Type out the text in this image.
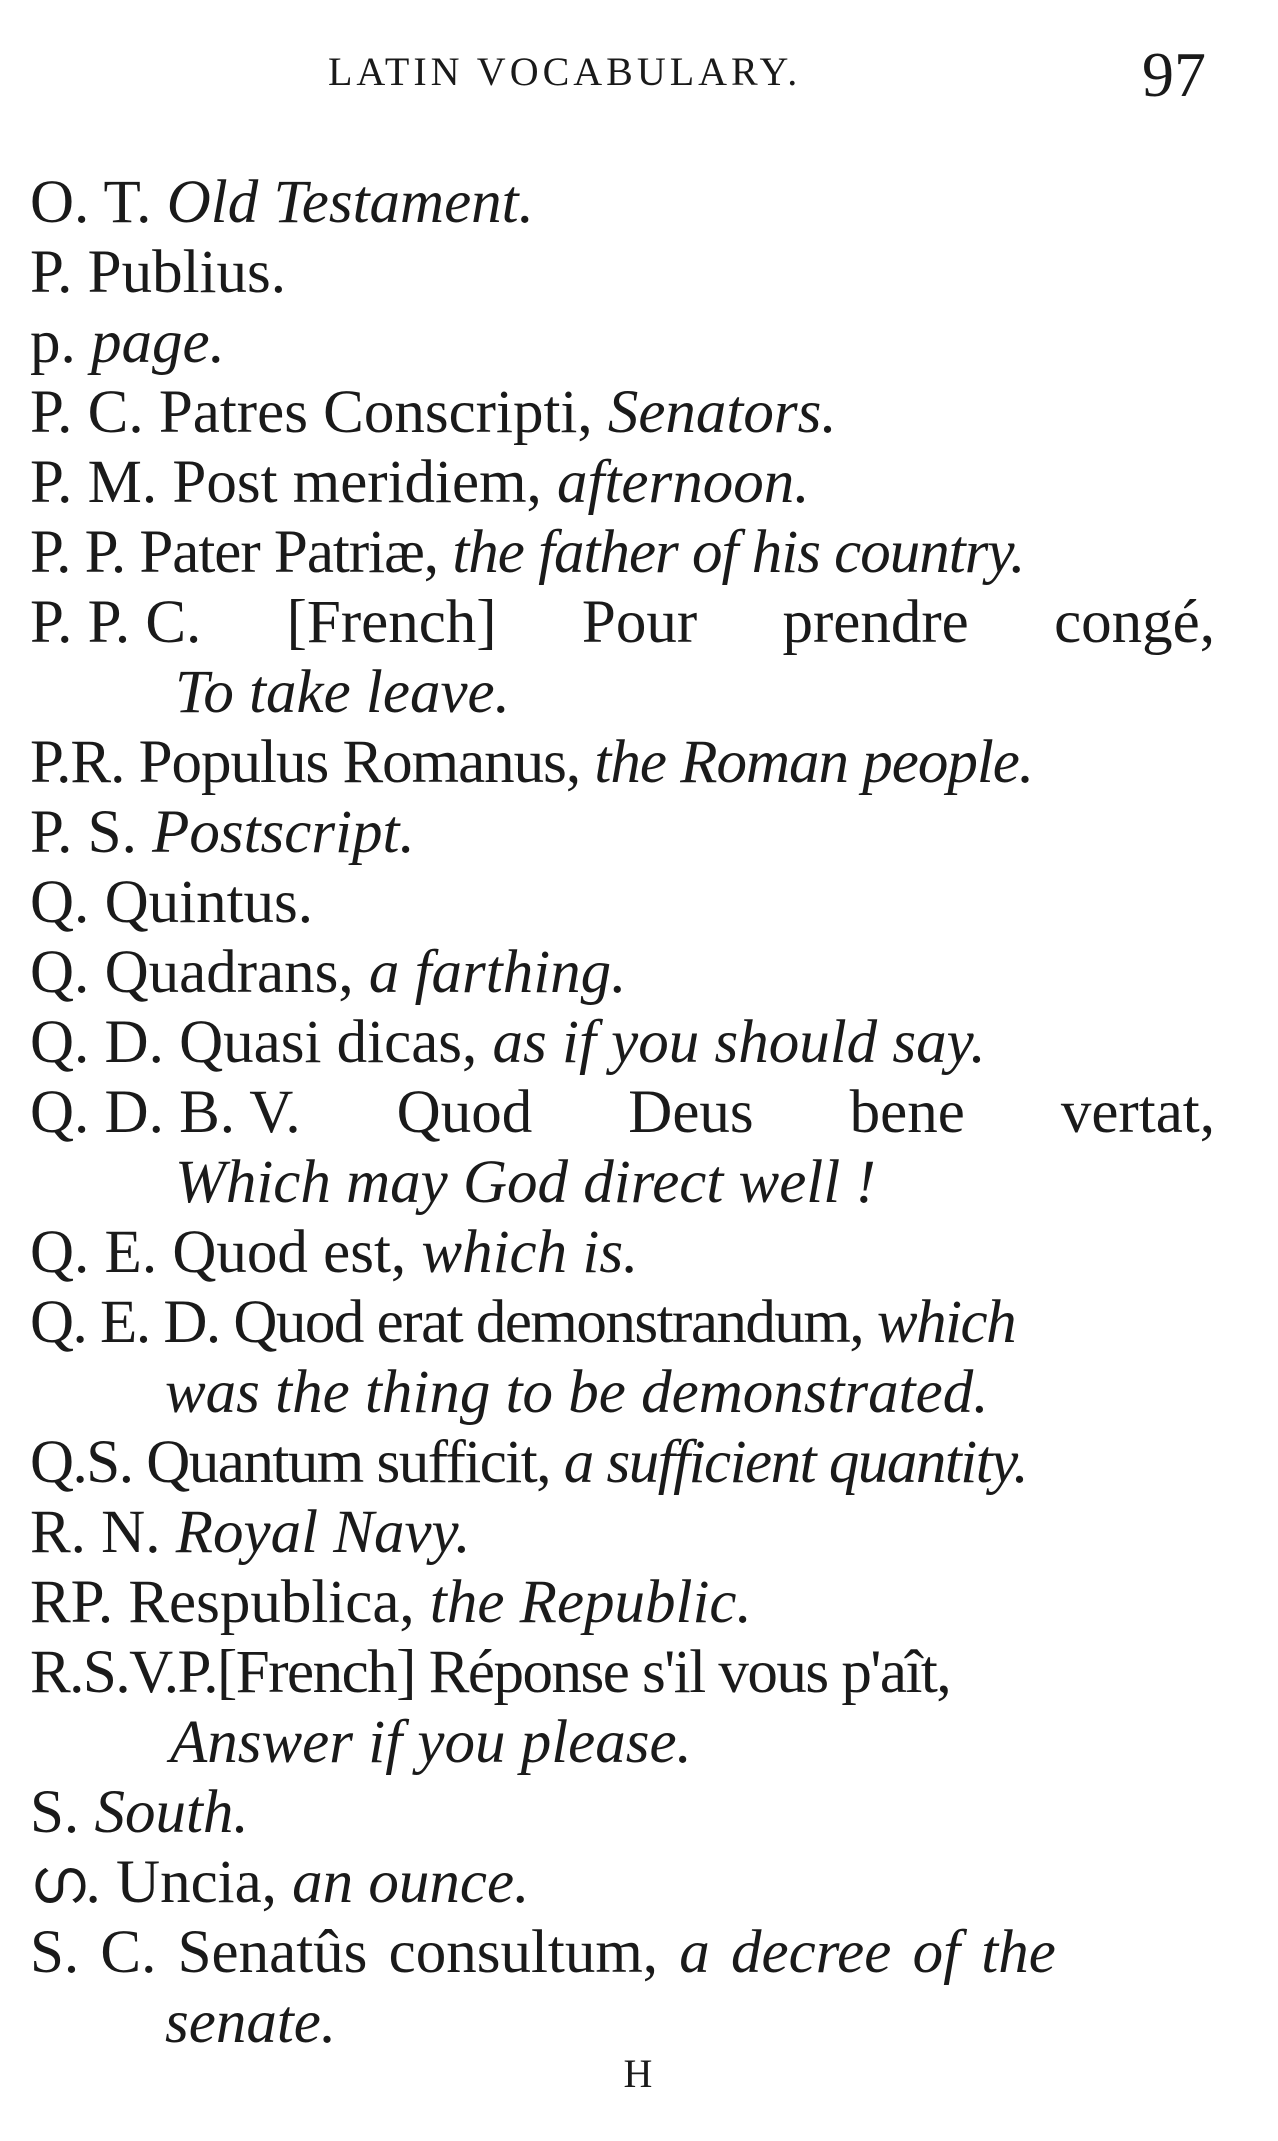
LATIN VOCABULARY.	97
O. T. Old Testament.
P. Publius.
p. page.
P. C. Patres Conscripti, Senators.
P. M. Post meridiem, afternoon.
P. P. Pater Patriæ, the father of his country.
P. P. C. [French] Pour prendre congé,
To take leave.
P.R. Populus Romanus, the Roman people.
P. S. Postscript.
Q. Quintus.
Q. Quadrans, a farthing.
Q. D. Quasi dicas, as if you should say.
Q. D. B. V. Quod Deus bene vertat,
Which may God direct well !
Q. E. Quod est, which is.
Q. E. D. Quod erat demonstrandum, which
was the thing to be demonstrated.
Q.S. Quantum sufficit, a sufficient quantity.
R. N. Royal Navy.
RP. Respublica, the Republic.
R.S.V.P.[French] Réponse s'il vous p'aît,
Answer if you please.
S. South.
ഗ. Uncia, an ounce.
S. C. Senatûs consultum, a decree of the
senate.
H
